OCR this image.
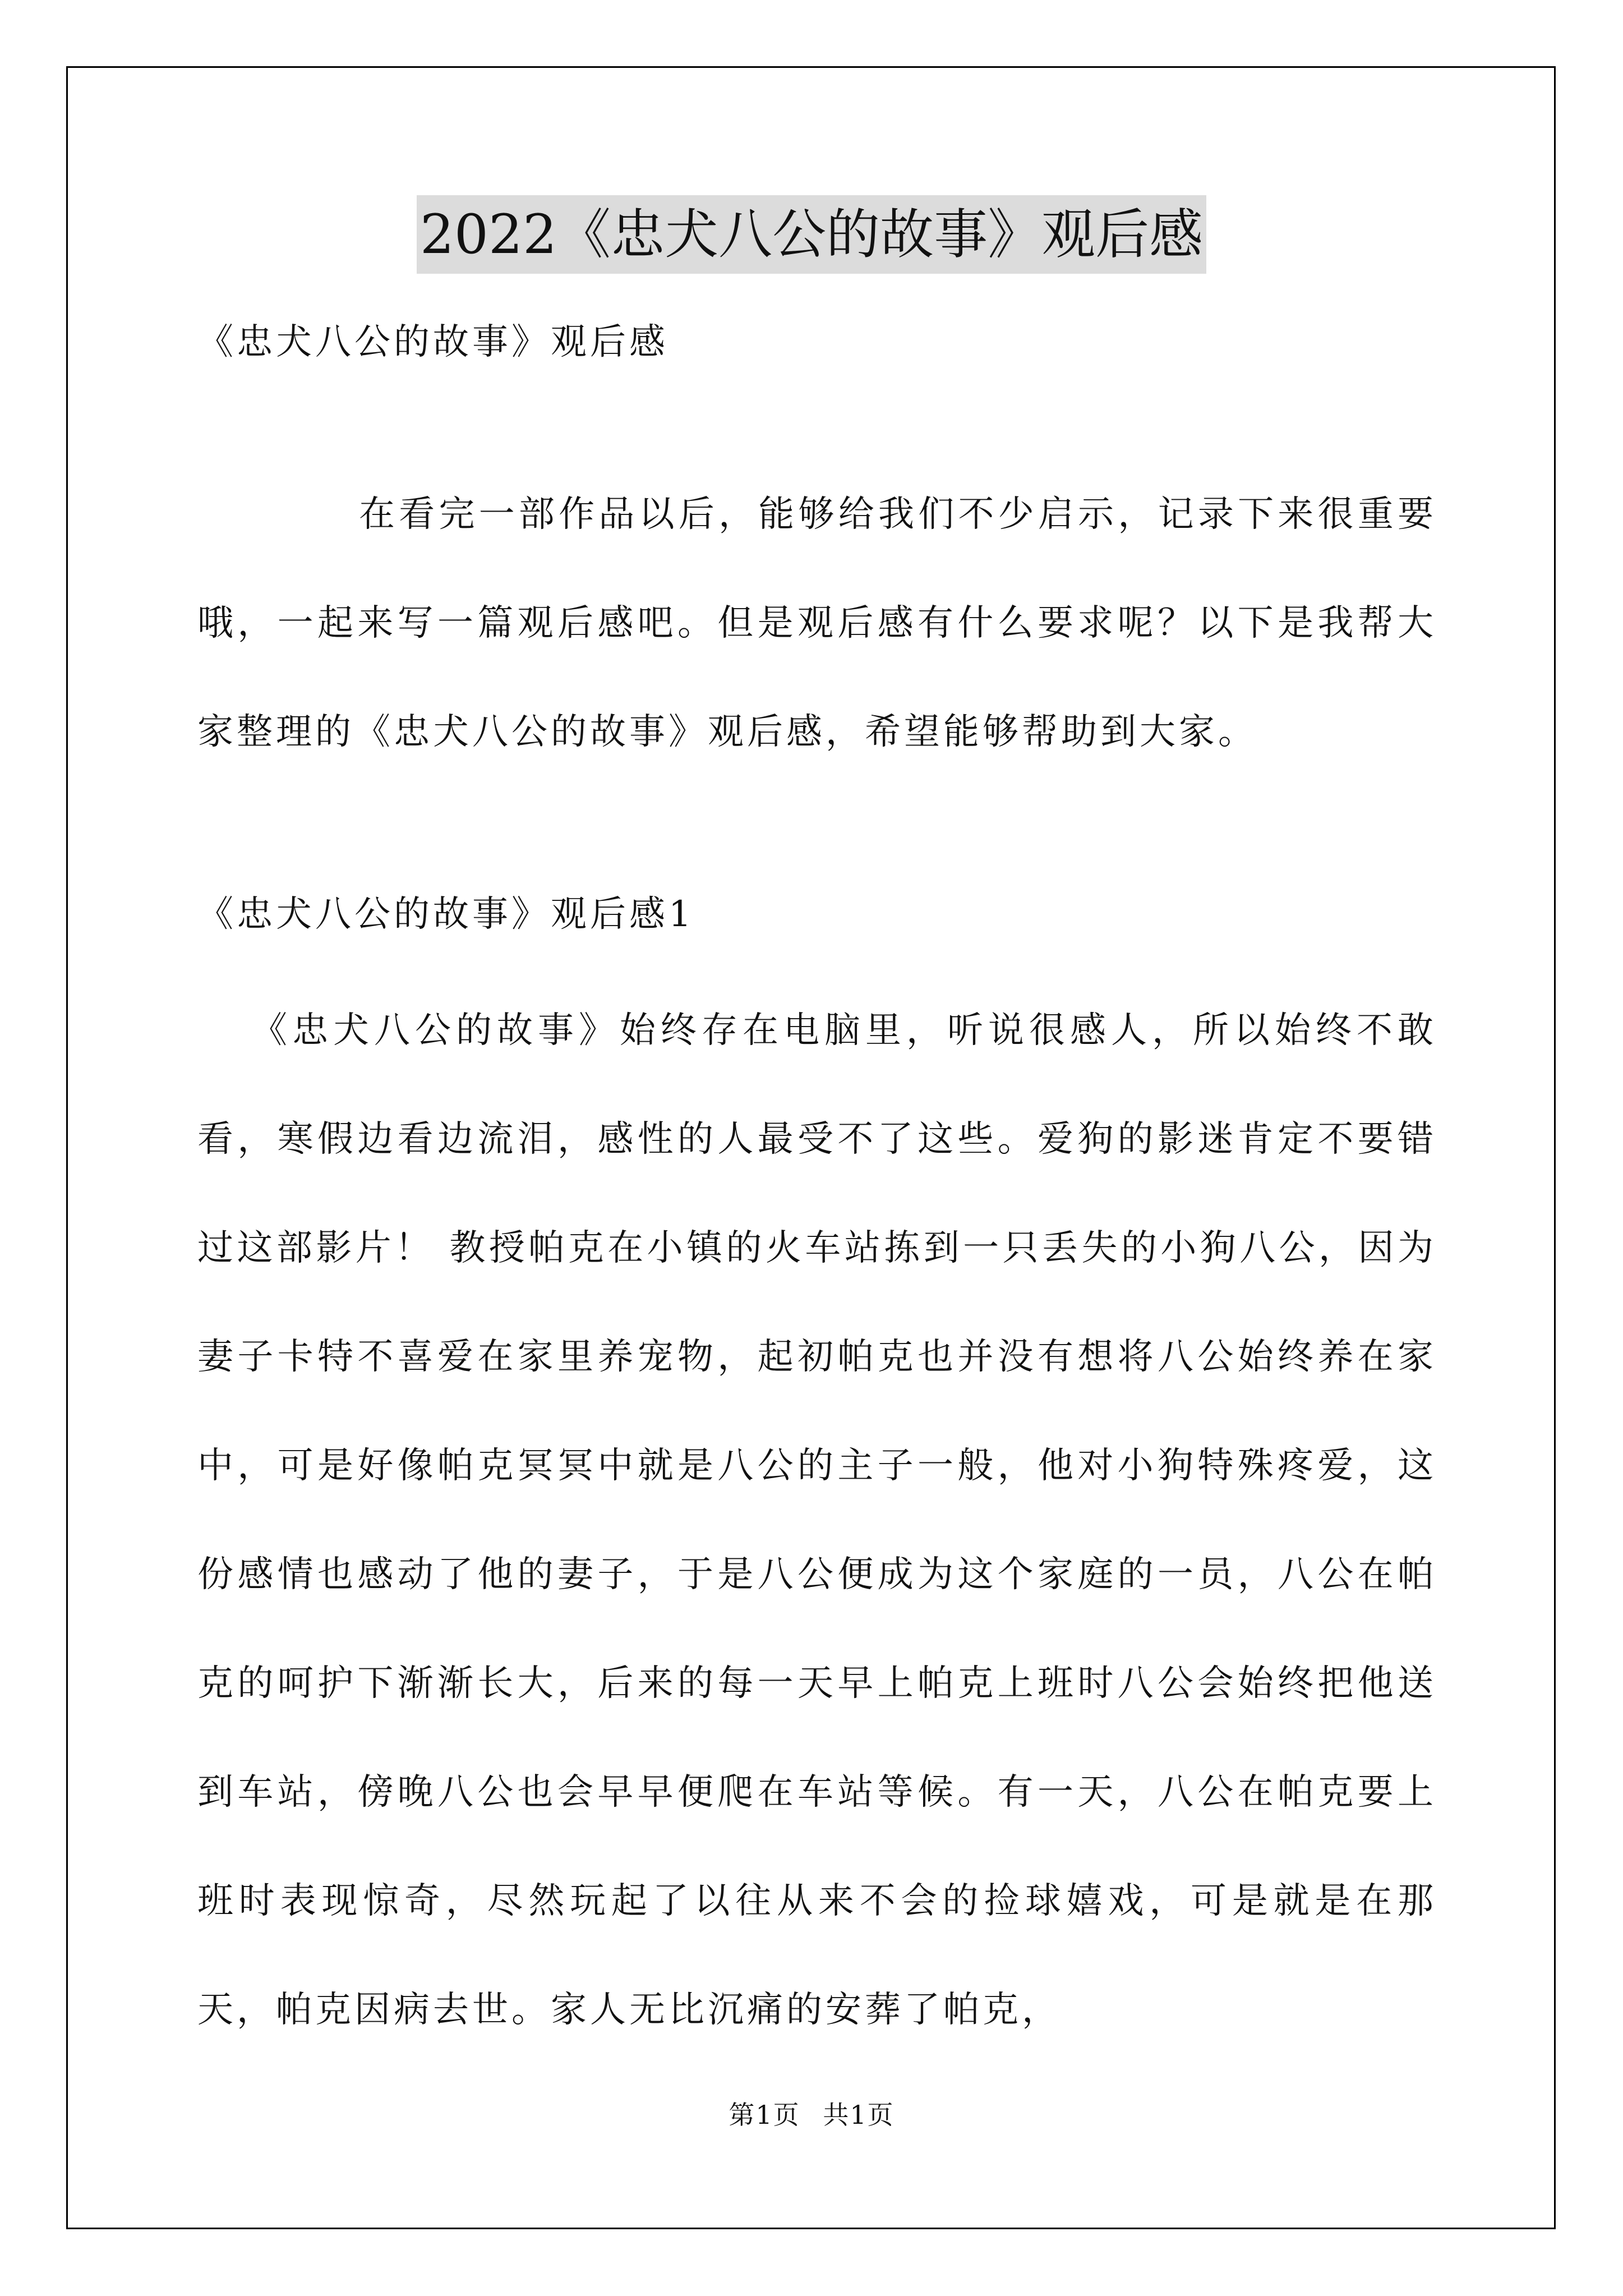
2022《忠犬八公的故事》观后感

《忠犬八公的故事》观后感

在看完一部作品以后，能够给我们不少启示，记录下来很重要哦，一起来写一篇观后感吧。但是观后感有什么要求呢？以下是我帮大家整理的《忠犬八公的故事》观后感，希望能够帮助到大家。

《忠犬八公的故事》观后感1

《忠犬八公的故事》始终存在电脑里，听说很感人，所以始终不敢看，寒假边看边流泪，感性的人最受不了这些。爱狗的影迷肯定不要错过这部影片！ 教授帕克在小镇的火车站拣到一只丢失的小狗八公，因为妻子卡特不喜爱在家里养宠物，起初帕克也并没有想将八公始终养在家中，可是好像帕克冥冥中就是八公的主子一般，他对小狗特殊疼爱，这份感情也感动了他的妻子，于是八公便成为这个家庭的一员，八公在帕克的呵护下渐渐长大，后来的每一天早上帕克上班时八公会始终把他送到车站，傍晚八公也会早早便爬在车站等候。有一天，八公在帕克要上班时表现惊奇，尽然玩起了以往从来不会的捡球嬉戏，可是就是在那天，帕克因病去世。家人无比沉痛的安葬了帕克，

第1页 共1页
